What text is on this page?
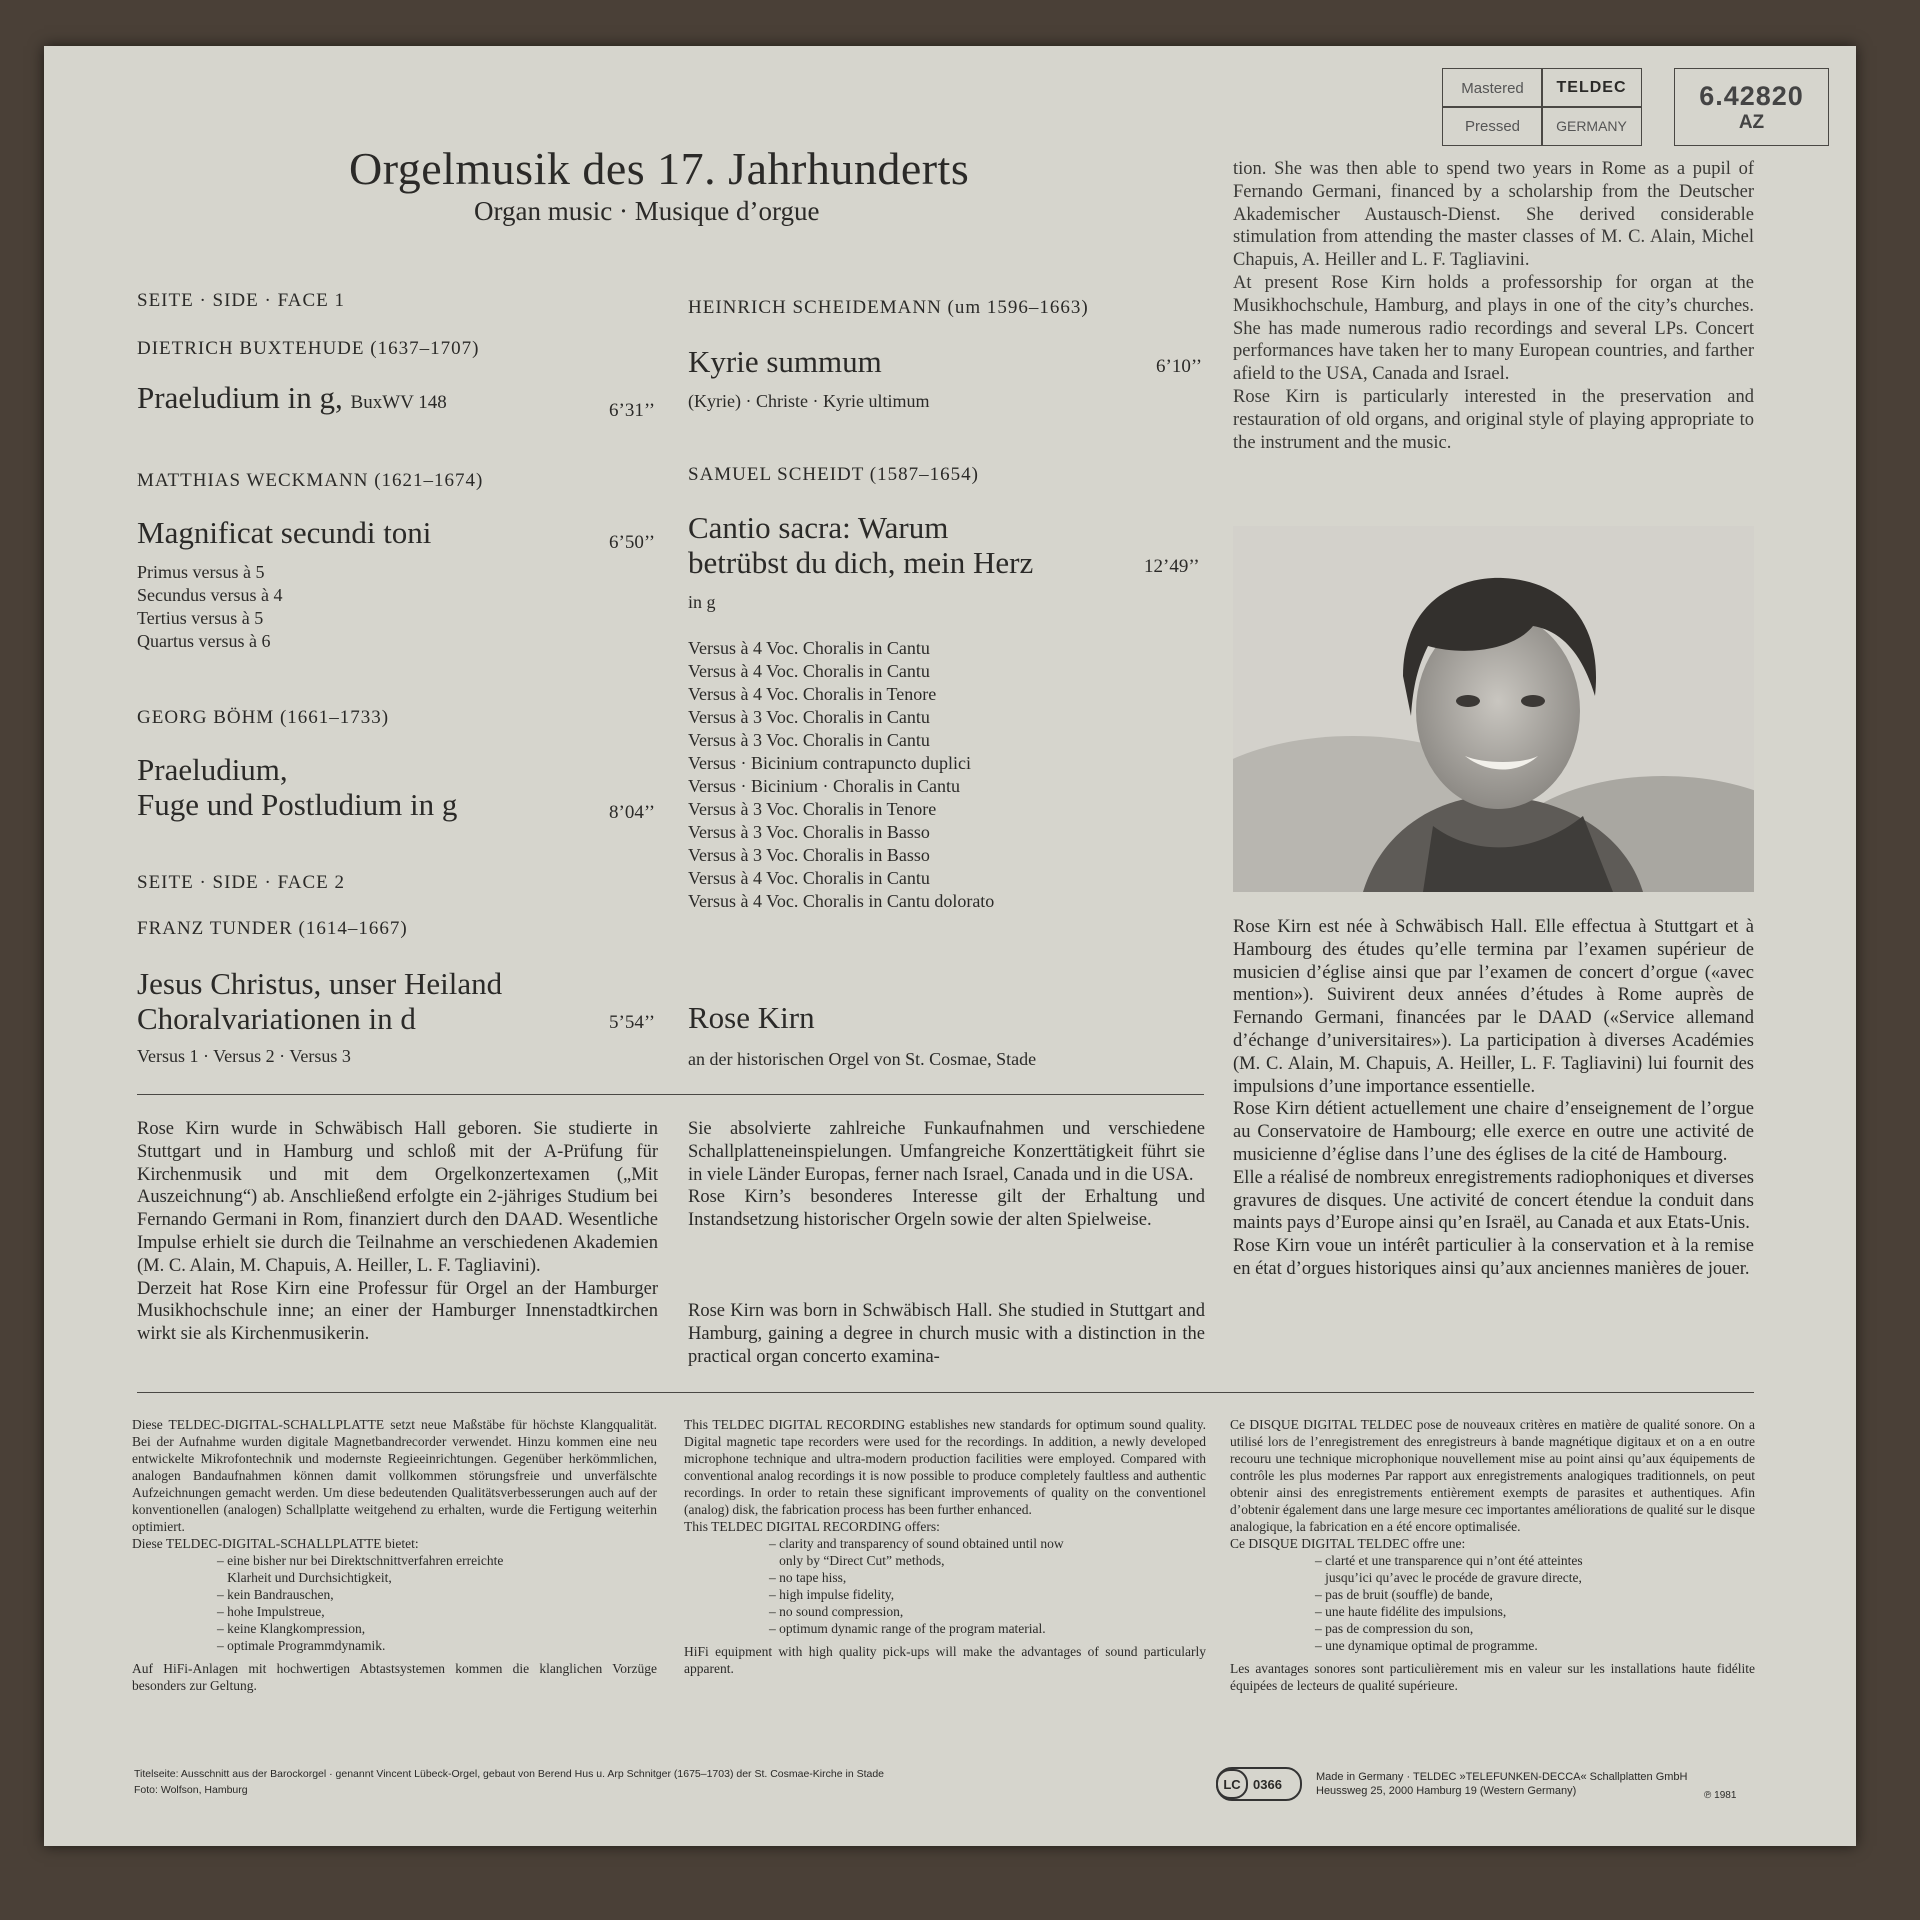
Mastered TELDEC
Pressed	GERMANY
6.42820
AZ
Orgelmusik des 17. Jahrhunderts
Organ music · Musique d’orgue
SEITE · SIDE · FACE 1
DIETRICH BUXTEHUDE (1637–1707)
Praeludium in g, BuxWV 148	6’31’’
MATTHIAS WECKMANN (1621–1674)
Magnificat secundi toni	6’50’’
Primus versus à 5
Secundus versus à 4
Tertius versus à 5
Quartus versus à 6
GEORG BÖHM (1661–1733)
Praeludium,
Fuge und Postludium in g	8’04’’
SEITE · SIDE · FACE 2
FRANZ TUNDER (1614–1667)
Jesus Christus, unser Heiland
Choralvariationen in d	5’54’’
Versus 1 · Versus 2 · Versus 3
HEINRICH SCHEIDEMANN (um 1596–1663)
Kyrie summum	6’10’’
(Kyrie) · Christe · Kyrie ultimum
SAMUEL SCHEIDT (1587–1654)
Cantio sacra: Warum
betrübst du dich, mein Herz	12’49’’
in g
Versus à 4 Voc. Choralis in Cantu
Versus à 4 Voc. Choralis in Cantu
Versus à 4 Voc. Choralis in Tenore
Versus à 3 Voc. Choralis in Cantu
Versus à 3 Voc. Choralis in Cantu
Versus · Bicinium contrapuncto duplici
Versus · Bicinium · Choralis in Cantu
Versus à 3 Voc. Choralis in Tenore
Versus à 3 Voc. Choralis in Basso
Versus à 3 Voc. Choralis in Basso
Versus à 4 Voc. Choralis in Cantu
Versus à 4 Voc. Choralis in Cantu dolorato
Rose Kirn
an der historischen Orgel von St. Cosmae, Stade
tion. She was then able to spend two years in Rome as a pupil of Fernando Germani, financed by a scholarship from the Deutscher Akademischer Austausch-Dienst. She derived considerable stimulation from attending the master classes of M. C. Alain, Michel Chapuis, A. Heiller and L. F. Tagliavini.
At present Rose Kirn holds a professorship for organ at the Musikhochschule, Hamburg, and plays in one of the city’s churches. She has made numerous radio recordings and several LPs. Concert performances have taken her to many European countries, and farther afield to the USA, Canada and Israel.
Rose Kirn is particularly interested in the preservation and restauration of old organs, and original style of playing appropriate to the instrument and the music.
Rose Kirn est née à Schwäbisch Hall. Elle effectua à Stuttgart et à Hambourg des études qu’elle termina par l’examen supérieur de musicien d’église ainsi que par l’examen de concert d’orgue («avec mention»). Suivirent deux années d’études à Rome auprès de Fernando Germani, financées par le DAAD («Service allemand d’échange d’universitaires»). La participation à diverses Académies (M. C. Alain, M. Chapuis, A. Heiller, L. F. Tagliavini) lui fournit des impulsions d’une importance essentielle.
Rose Kirn détient actuellement une chaire d’enseignement de l’orgue au Conservatoire de Hambourg; elle exerce en outre une activité de musicienne d’église dans l’une des églises de la cité de Hambourg.
Elle a réalisé de nombreux enregistrements radiophoniques et diverses gravures de disques. Une activité de concert étendue la conduit dans maints pays d’Europe ainsi qu’en Israël, au Canada et aux Etats-Unis.
Rose Kirn voue un intérêt particulier à la conservation et à la remise en état d’orgues historiques ainsi qu’aux anciennes manières de jouer.
Rose Kirn wurde in Schwäbisch Hall geboren. Sie studierte in Stuttgart und in Hamburg und schloß mit der A-Prüfung für Kirchenmusik und mit dem Orgelkonzertexamen („Mit Auszeichnung“) ab. Anschließend erfolgte ein 2-jähriges Studium bei Fernando Germani in Rom, finanziert durch den DAAD. Wesentliche Impulse erhielt sie durch die Teilnahme an verschiedenen Akademien (M. C. Alain, M. Chapuis, A. Heiller, L. F. Tagliavini).
Derzeit hat Rose Kirn eine Professur für Orgel an der Hamburger Musikhochschule inne; an einer der Hamburger Innenstadtkirchen wirkt sie als Kirchenmusikerin.
Sie absolvierte zahlreiche Funkaufnahmen und verschiedene Schallplatteneinspielungen. Umfangreiche Konzerttätigkeit führt sie in viele Länder Europas, ferner nach Israel, Canada und in die USA.
Rose Kirn’s besonderes Interesse gilt der Erhaltung und Instandsetzung historischer Orgeln sowie der alten Spielweise.
Rose Kirn was born in Schwäbisch Hall. She studied in Stuttgart and Hamburg, gaining a degree in church music with a distinction in the practical organ concerto examina-
Diese TELDEC-DIGITAL-SCHALLPLATTE setzt neue Maßstäbe für höchste Klangqualität. Bei der Aufnahme wurden digitale Magnetbandrecorder verwendet. Hinzu kommen eine neu entwickelte Mikrofontechnik und modernste Regieeinrichtungen. Gegenüber herkömmlichen, analogen Bandaufnahmen können damit vollkommen störungsfreie und unverfälschte Aufzeichnungen gemacht werden. Um diese bedeutenden Qualitätsverbesserungen auch auf der konventionellen (analogen) Schallplatte weitgehend zu erhalten, wurde die Fertigung weiterhin optimiert.
Diese TELDEC-DIGITAL-SCHALLPLATTE bietet:
– eine bisher nur bei Direktschnittverfahren erreichte
Klarheit und Durchsichtigkeit,
– kein Bandrauschen,
– hohe Impulstreue,
– keine Klangkompression,
– optimale Programmdynamik.
Auf HiFi-Anlagen mit hochwertigen Abtastsystemen kommen die klanglichen Vorzüge besonders zur Geltung.
This TELDEC DIGITAL RECORDING establishes new standards for optimum sound quality. Digital magnetic tape recorders were used for the recordings. In addition, a newly developed microphone technique and ultra-modern production facilities were employed. Compared with conventional analog recordings it is now possible to produce completely faultless and authentic recordings. In order to retain these significant improvements of quality on the conventionel (analog) disk, the fabrication process has been further enhanced.
This TELDEC DIGITAL RECORDING offers:
– clarity and transparency of sound obtained until now
only by “Direct Cut” methods,
– no tape hiss,
– high impulse fidelity,
– no sound compression,
– optimum dynamic range of the program material.
HiFi equipment with high quality pick-ups will make the advantages of sound particularly apparent.
Ce DISQUE DIGITAL TELDEC pose de nouveaux critères en matière de qualité sonore. On a utilisé lors de l’enregistrement des enregistreurs à bande magnétique digitaux et on a en outre recouru une technique microphonique nouvellement mise au point ainsi qu’aux équipements de contrôle les plus modernes Par rapport aux enregistrements analogiques traditionnels, on peut obtenir ainsi des enregistrements entièrement exempts de parasites et authentiques. Afin d’obtenir également dans une large mesure cec importantes améliorations de qualité sur le disque analogique, la fabrication en a été encore optimalisée.
Ce DISQUE DIGITAL TELDEC offre une:
– clarté et une transparence qui n’ont été atteintes
jusqu’ici qu’avec le procéde de gravure directe,
– pas de bruit (souffle) de bande,
– une haute fidélite des impulsions,
– pas de compression du son,
– une dynamique optimal de programme.
Les avantages sonores sont particulièrement mis en valeur sur les installations haute fidélite équipées de lecteurs de qualité supérieure.
Titelseite: Ausschnitt aus der Barockorgel · genannt Vincent Lübeck-Orgel, gebaut von Berend Hus u. Arp Schnitger (1675–1703) der St. Cosmae-Kirche in Stade
Foto: Wolfson, Hamburg	LC 0366	Made in Germany · TELDEC »TELEFUNKEN-DECCA« Schallplatten GmbH
Heussweg 25, 2000 Hamburg 19 (Western Germany)	℗ 1981
